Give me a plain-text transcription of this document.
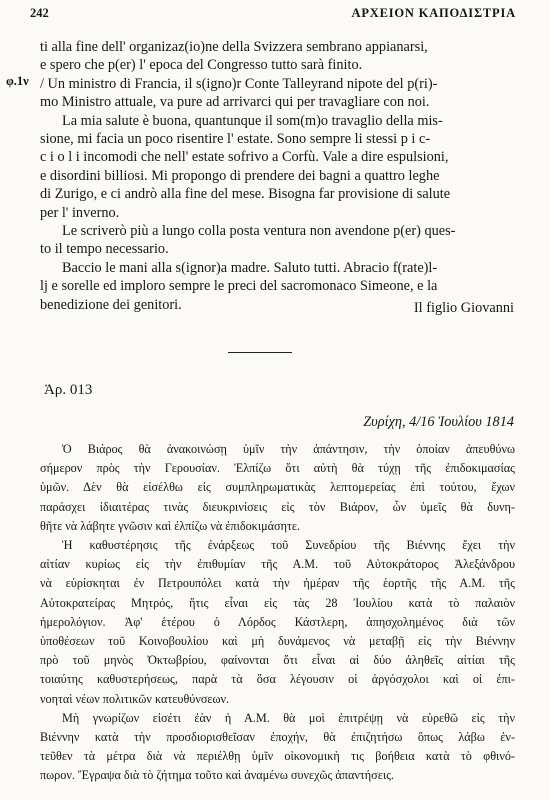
242	ΑΡΧΕΙΟΝ ΚΑΠΟΔΙΣΤΡΙΑ
φ.1ν
ti alla fine dell' organizaz(io)ne della Svizzera sembrano appianarsi,
e spero che p(er) l' epoca del Congresso tutto sarà finito.
/ Un ministro di Francia, il s(igno)r Conte Talleyrand nipote del p(ri)-
mo Ministro attuale, va pure ad arrivarci qui per travagliare con noi.
La mia salute è buona, quantunque il som(m)o travaglio della mis-
sione, mi facia un poco risentire l' estate. Sono sempre li stessi p i c-
c i o l i incomodi che nell' estate sofrivo a Corfù. Vale a dire espulsioni,
e disordini billiosi. Mi propongo di prendere dei bagni a quattro leghe
di Zurigo, e ci andrò alla fine del mese. Bisogna far provisione di salute
per l' inverno.
Le scriverò più a lungo colla posta ventura non avendone p(er) ques-
to il tempo necessario.
Baccio le mani alla s(ignor)a madre. Saluto tutti. Abracio f(rate)l-
lj e sorelle ed imploro sempre le preci del sacromonaco Simeone, e la
benedizione dei genitori.	Il figlio Giovanni
Ἀρ. 013
Ζυρίχη, 4/16 Ἰουλίου 1814
Ὁ Βιάρος θὰ ἀνακοινώσῃ ὑμῖν τὴν ἀπάντησιν, τὴν ὁποίαν ἀπευθύνω
σήμερον πρὸς τὴν Γερουσίαν. Ἐλπίζω ὅτι αὐτὴ θὰ τύχῃ τῆς ἐπιδοκιμασίας
ὑμῶν. Δὲν θὰ εἰσέλθω εἰς συμπληρωματικὰς λεπτομερείας ἐπὶ τούτου, ἔχων
παράσχει ἰδιαιτέρας τινὰς διευκρινίσεις εἰς τὸν Βιάρον, ὧν ὑμεῖς θὰ δυνη-
θῆτε νὰ λάβητε γνῶσιν καὶ ἐλπίζω νὰ ἐπιδοκιμάσητε.
Ἡ καθυστέρησις τῆς ἐνάρξεως τοῦ Συνεδρίου τῆς Βιέννης ἔχει τὴν
αἰτίαν κυρίως εἰς τὴν ἐπιθυμίαν τῆς Α.Μ. τοῦ Αὐτοκράτορος Ἀλεξάνδρου
νὰ εὑρίσκηται ἐν Πετρουπόλει κατὰ τὴν ἡμέραν τῆς ἑορτῆς τῆς Α.Μ. τῆς
Αὐτοκρατείρας Μητρός, ἥτις εἶναι εἰς τὰς 28 Ἰουλίου κατὰ τὸ παλαιὸν
ἡμερολόγιον. Ἀφ' ἑτέρου ὁ Λόρδος Κάστλερη, ἀπησχολημένος διὰ τῶν
ὑποθέσεων τοῦ Κοινοβουλίου καὶ μὴ δυνάμενος νὰ μεταβῇ εἰς τὴν Βιέννην
πρὸ τοῦ μηνὸς Ὀκτωβρίου, φαίνονται ὅτι εἶναι αἱ δύο ἀληθεῖς αἰτίαι τῆς
τοιαύτης καθυστερήσεως, παρὰ τὰ ὅσα λέγουσιν οἱ ἀργόσχολοι καὶ οἱ ἐπι-
νοηταὶ νέων πολιτικῶν κατευθύνσεων.
Μὴ γνωρίζων εἰσέτι ἐὰν ἡ Α.Μ. θὰ μοὶ ἐπιτρέψῃ νὰ εὑρεθῶ εἰς τὴν
Βιέννην κατὰ τὴν προσδιορισθεῖσαν ἐποχήν, θὰ ἐπιζητήσω ὅπως λάβω ἐν-
τεῦθεν τὰ μέτρα διὰ νὰ περιέλθῃ ὑμῖν οἰκονομικὴ τις βοήθεια κατὰ τὸ φθινό-
πωρον. Ἔγραψα διὰ τὸ ζήτημα τοῦτο καὶ ἀναμένω συνεχῶς ἀπαντήσεις.
